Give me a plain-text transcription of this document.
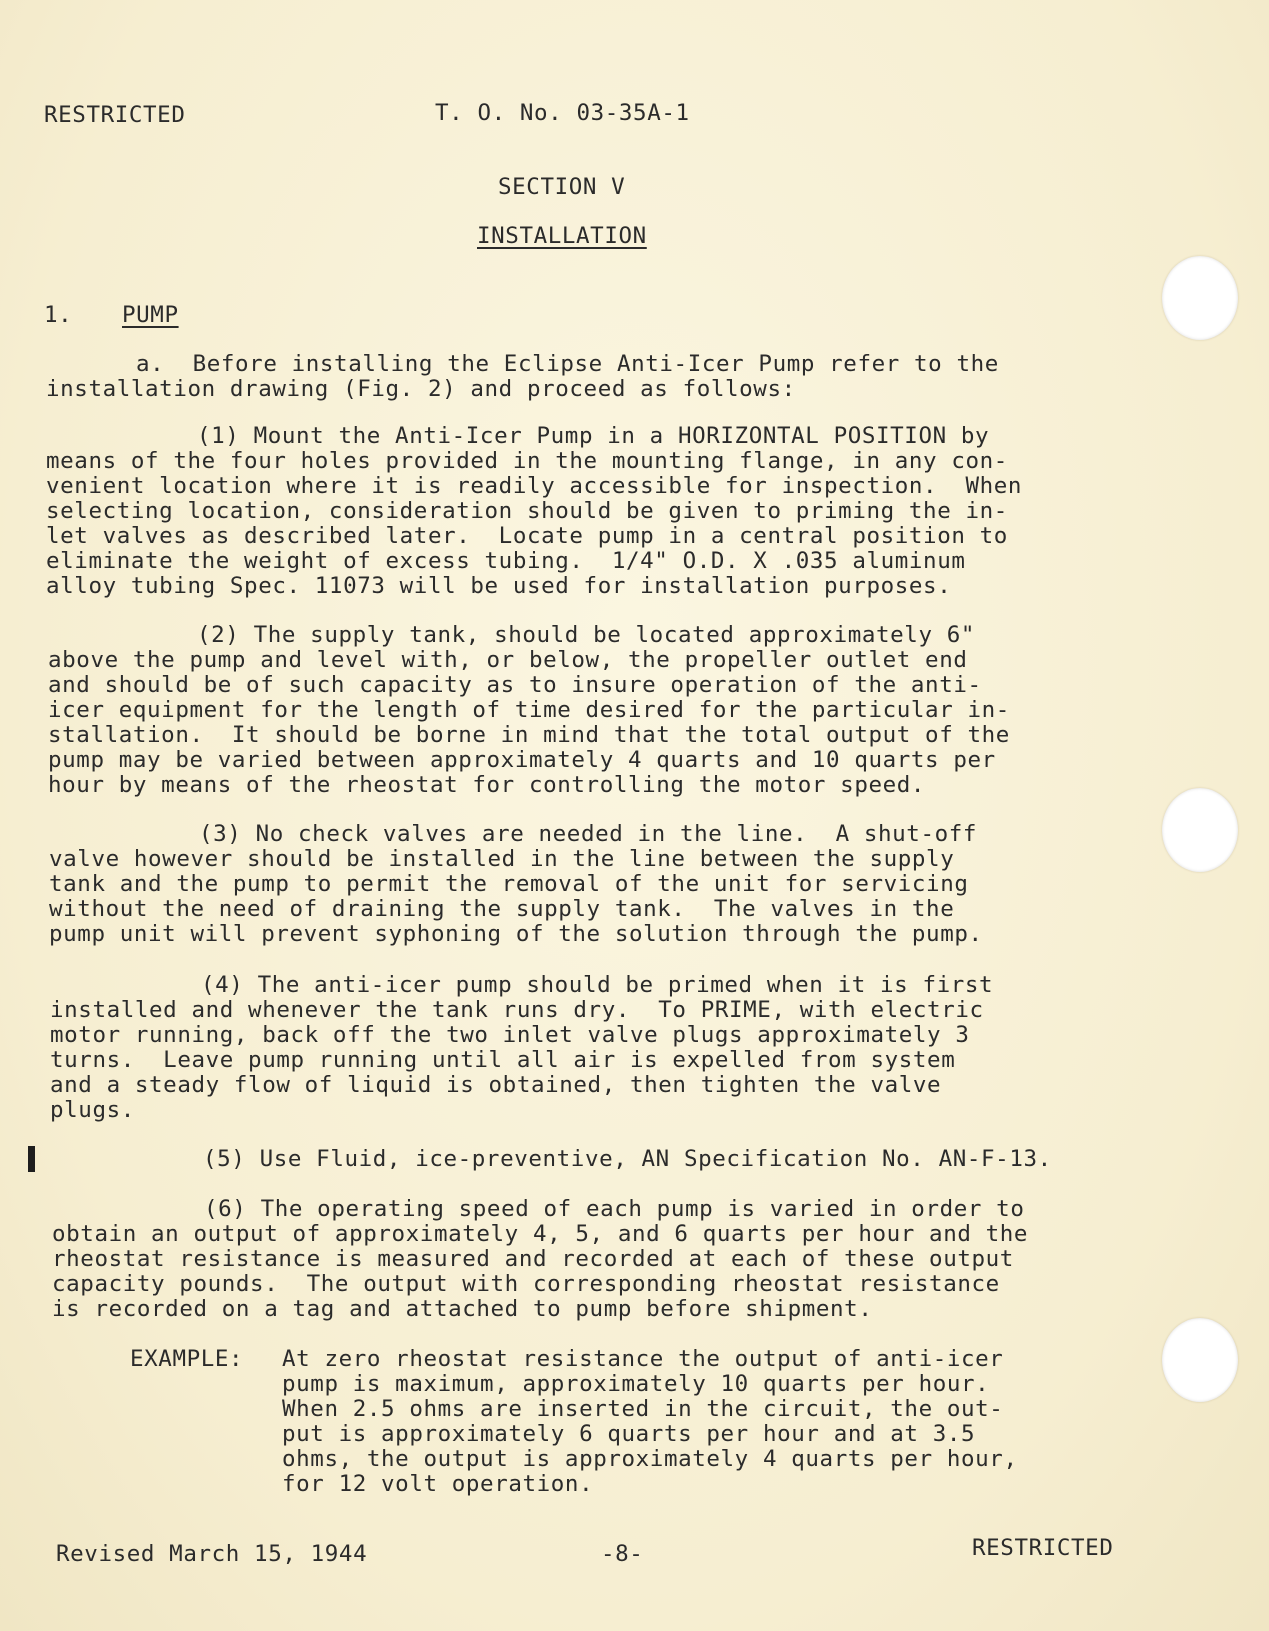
RESTRICTED	T. O. No. 03-35A-1
SECTION V
INSTALLATION
1. PUMP
a.  Before installing the Eclipse Anti-Icer Pump refer to the
installation drawing (Fig. 2) and proceed as follows:
(1) Mount the Anti-Icer Pump in a HORIZONTAL POSITION by
means of the four holes provided in the mounting flange, in any con-
venient location where it is readily accessible for inspection.  When
selecting location, consideration should be given to priming the in-
let valves as described later.  Locate pump in a central position to
eliminate the weight of excess tubing.  1/4" O.D. X .035 aluminum
alloy tubing Spec. 11073 will be used for installation purposes.
(2) The supply tank, should be located approximately 6"
above the pump and level with, or below, the propeller outlet end
and should be of such capacity as to insure operation of the anti-
icer equipment for the length of time desired for the particular in-
stallation.  It should be borne in mind that the total output of the
pump may be varied between approximately 4 quarts and 10 quarts per
hour by means of the rheostat for controlling the motor speed.
(3) No check valves are needed in the line.  A shut-off
valve however should be installed in the line between the supply
tank and the pump to permit the removal of the unit for servicing
without the need of draining the supply tank.  The valves in the
pump unit will prevent syphoning of the solution through the pump.
(4) The anti-icer pump should be primed when it is first
installed and whenever the tank runs dry.  To PRIME, with electric
motor running, back off the two inlet valve plugs approximately 3
turns.  Leave pump running until all air is expelled from system
and a steady flow of liquid is obtained, then tighten the valve
plugs.
(5) Use Fluid, ice-preventive, AN Specification No. AN-F-13.
(6) The operating speed of each pump is varied in order to
obtain an output of approximately 4, 5, and 6 quarts per hour and the
rheostat resistance is measured and recorded at each of these output
capacity pounds.  The output with corresponding rheostat resistance
is recorded on a tag and attached to pump before shipment.
EXAMPLE: At zero rheostat resistance the output of anti-icer
pump is maximum, approximately 10 quarts per hour.
When 2.5 ohms are inserted in the circuit, the out-
put is approximately 6 quarts per hour and at 3.5
ohms, the output is approximately 4 quarts per hour,
for 12 volt operation.
Revised March 15, 1944	-8-	RESTRICTED
